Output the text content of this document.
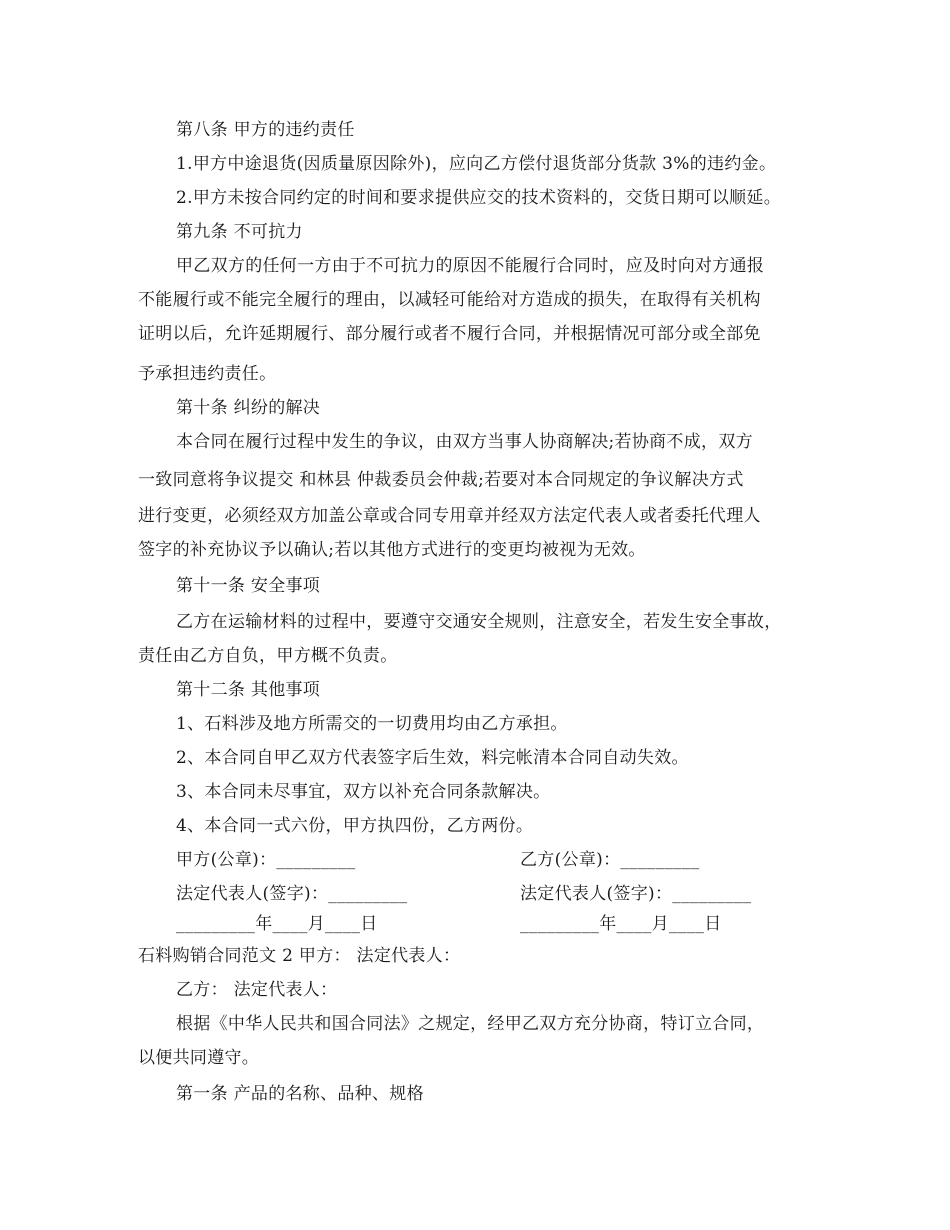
第八条 甲方的违约责任
1.甲方中途退货(因质量原因除外)，应向乙方偿付退货部分货款 3%的违约金。
2.甲方未按合同约定的时间和要求提供应交的技术资料的，交货日期可以顺延。
第九条 不可抗力
甲乙双方的任何一方由于不可抗力的原因不能履行合同时，应及时向对方通报
不能履行或不能完全履行的理由，以减轻可能给对方造成的损失，在取得有关机构
证明以后，允许延期履行、部分履行或者不履行合同，并根据情况可部分或全部免
予承担违约责任。
第十条 纠纷的解决
本合同在履行过程中发生的争议，由双方当事人协商解决;若协商不成，双方
一致同意将争议提交 和林县 仲裁委员会仲裁;若要对本合同规定的争议解决方式
进行变更，必须经双方加盖公章或合同专用章并经双方法定代表人或者委托代理人
签字的补充协议予以确认;若以其他方式进行的变更均被视为无效。
第十一条 安全事项
乙方在运输材料的过程中，要遵守交通安全规则，注意安全，若发生安全事故，
责任由乙方自负，甲方概不负责。
第十二条 其他事项
1、石料涉及地方所需交的一切费用均由乙方承担。
2、本合同自甲乙双方代表签字后生效，料完帐清本合同自动失效。
3、本合同未尽事宜，双方以补充合同条款解决。
4、本合同一式六份，甲方执四份，乙方两份。
甲方(公章)：_________	乙方(公章)：_________
法定代表人(签字)：_________	法定代表人(签字)：_________
_________年____月____日	_________年____月____日
石料购销合同范文 2 甲方： 法定代表人：
乙方： 法定代表人：
根据《中华人民共和国合同法》之规定，经甲乙双方充分协商，特订立合同，
以便共同遵守。
第一条 产品的名称、品种、规格
